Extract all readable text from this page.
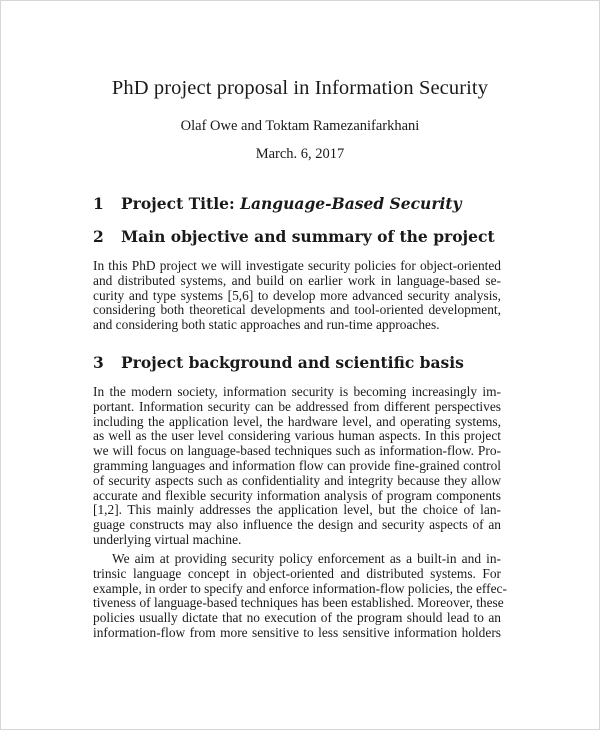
PhD project proposal in Information Security
Olaf Owe and Toktam Ramezanifarkhani
March. 6, 2017
1 Project Title: Language-Based Security
2 Main objective and summary of the project
In this PhD project we will investigate security policies for object-oriented
and distributed systems, and build on earlier work in language-based se-
curity and type systems [5,6] to develop more advanced security analysis,
considering both theoretical developments and tool-oriented development,
and considering both static approaches and run-time approaches.
3 Project background and scientific basis
In the modern society, information security is becoming increasingly im-
portant. Information security can be addressed from different perspectives
including the application level, the hardware level, and operating systems,
as well as the user level considering various human aspects. In this project
we will focus on language-based techniques such as information-flow. Pro-
gramming languages and information flow can provide fine-grained control
of security aspects such as confidentiality and integrity because they allow
accurate and flexible security information analysis of program components
[1,2]. This mainly addresses the application level, but the choice of lan-
guage constructs may also influence the design and security aspects of an
underlying virtual machine.
We aim at providing security policy enforcement as a built-in and in-
trinsic language concept in object-oriented and distributed systems. For
example, in order to specify and enforce information-flow policies, the effec-
tiveness of language-based techniques has been established. Moreover, these
policies usually dictate that no execution of the program should lead to an
information-flow from more sensitive to less sensitive information holders
